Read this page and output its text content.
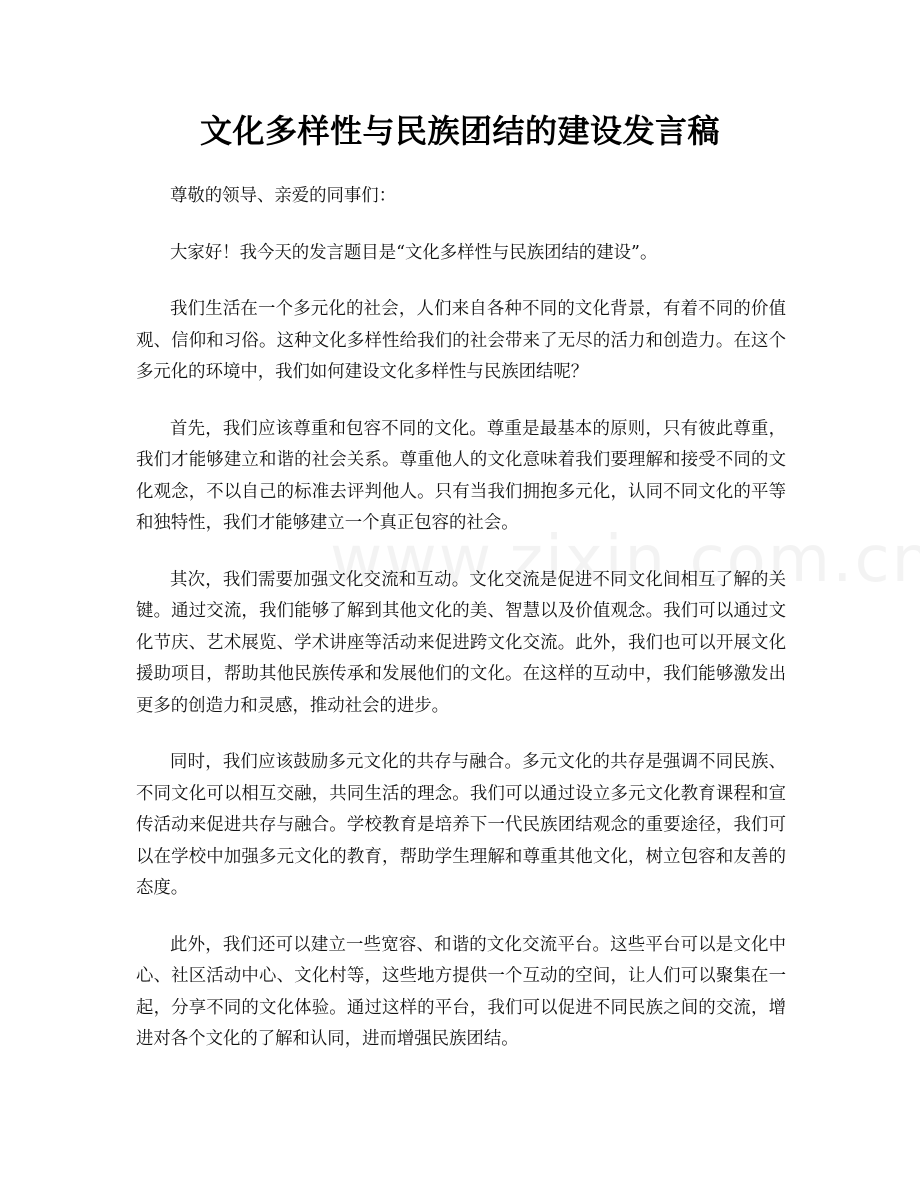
文化多样性与民族团结的建设发言稿

尊敬的领导、亲爱的同事们：

大家好！我今天的发言题目是“文化多样性与民族团结的建设”。

我们生活在一个多元化的社会，人们来自各种不同的文化背景，有着不同的价值观、信仰和习俗。这种文化多样性给我们的社会带来了无尽的活力和创造力。在这个多元化的环境中，我们如何建设文化多样性与民族团结呢？

首先，我们应该尊重和包容不同的文化。尊重是最基本的原则，只有彼此尊重，我们才能够建立和谐的社会关系。尊重他人的文化意味着我们要理解和接受不同的文化观念，不以自己的标准去评判他人。只有当我们拥抱多元化，认同不同文化的平等和独特性，我们才能够建立一个真正包容的社会。

其次，我们需要加强文化交流和互动。文化交流是促进不同文化间相互了解的关键。通过交流，我们能够了解到其他文化的美、智慧以及价值观念。我们可以通过文化节庆、艺术展览、学术讲座等活动来促进跨文化交流。此外，我们也可以开展文化援助项目，帮助其他民族传承和发展他们的文化。在这样的互动中，我们能够激发出更多的创造力和灵感，推动社会的进步。

同时，我们应该鼓励多元文化的共存与融合。多元文化的共存是强调不同民族、不同文化可以相互交融，共同生活的理念。我们可以通过设立多元文化教育课程和宣传活动来促进共存与融合。学校教育是培养下一代民族团结观念的重要途径，我们可以在学校中加强多元文化的教育，帮助学生理解和尊重其他文化，树立包容和友善的态度。

此外，我们还可以建立一些宽容、和谐的文化交流平台。这些平台可以是文化中心、社区活动中心、文化村等，这些地方提供一个互动的空间，让人们可以聚集在一起，分享不同的文化体验。通过这样的平台，我们可以促进不同民族之间的交流，增进对各个文化的了解和认同，进而增强民族团结。
